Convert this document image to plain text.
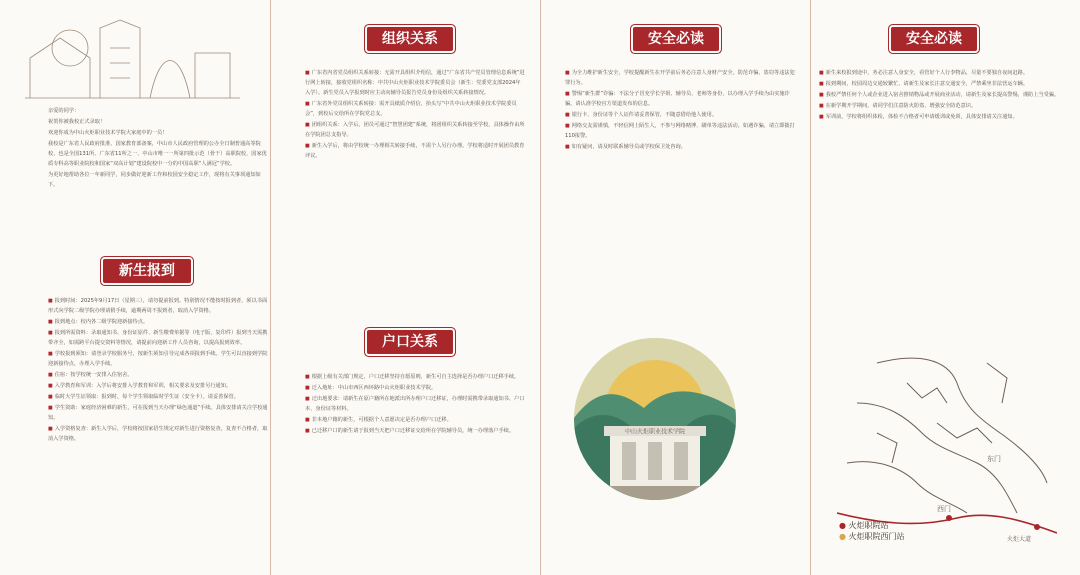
亲爱的同学：
祝贺你被我校正式录取！
欢迎你成为中山火炬职业技术学院大家庭中的一员！
我校是广东省人民政府批准、国家教育部备案，中山市人民政府管理的公办全日制普通高等院校，也是全国131所、广东省11所之一、中山市唯一一所第四批示范（骨干）高职院校，国家优质专科高等职业院校和国家“双高计划”建设院校中一分的中国高职“人满冠”学校。
为更好地帮助各位一年新同学，同步做好迎新工作和校园安全稳定工作，现将有关事项通知如下。
新生报到
■ 报到时间：2025年9月17日（星期三），请勿提前报到。特别情况不能按时报到者，须以书面形式向学院二级学院办理请假手续，逾期两周不报到者，取消入学资格。
■ 报到地点：校内各二级学院迎新接待点。
■ 报到所需资料：录取通知书、身份证原件、新生缴费单据等（电子版，复印件）报到当天需携带齐全，如需跨平台提交资料等情况，请提前向迎新工作人员咨询，以提高报到效率。
■ 学校报到须知：请登录学校服务号，按新生须知引导完成各项报到手续。学生可以直接到学院迎新接待点，办理入学手续。
■ 住宿：按学校统一安排入住宿舍。
■ 入学教育和军训：入学后将安排入学教育和军训，相关要求及安排另行通知。
■ 临时大学生证领取：报到时，每个学生领取临时学生证（安全卡）。请妥善保管。
■ 学生资助：家庭经济困难的新生，可在报到当天办理“绿色通道”手续。具体安排请关注学校通知。
■ 入学资格复查：新生入学后，学校将按国家招生规定对新生进行资格复查，复查不合格者，取消入学资格。
组织关系
■ 广东省内省党员组织关系转接：无需开具组织介绍信，通过“广东省共产党员管理信息系统”进行网上转接，接收党组织名称：中共中山火炬职业技术学院委员会（新生：党委党支部2024年入学）。新生党员入学报到时应主动向辅导员报告党员身份及组织关系转接情况。
■ 广东省外党员组织关系转接：需开具纸质介绍信，抬头写“中共中山火炬职业技术学院委员会”，到校后交给所在学院党总支。
■ 团组织关系：入学后，团员可通过“智慧团建”系统，将团组织关系转接至学校，具体操作由所在学院团总支指导。
■ 新生入学后，将由学校统一办理相关转接手续，不需个人另行办理。学校将适时开展团员教育评议。
户口关系
■ 根据上级有关部门规定，户口迁移坚持自愿原则，新生可自主选择是否办理户口迁移手续。
■ 迁入地址：中山市西区西环路中山火炬职业技术学院。
■ 迁出地要求：请新生在原户籍所在地派出所办理户口迁移证，办理时需携带录取通知书、户口本、身份证等材料。
■ 非本地户籍的新生，可根据个人意愿决定是否办理户口迁移。
■ 已迁移户口的新生请于报到当天把户口迁移证交给所在学院辅导员，统一办理落户手续。
安全必读
■ 为全力维护新生安全，学校提醒新生在开学前后务必注意人身财产安全，防范诈骗、盗窃等违法犯罪行为。
■ 警惕“新生群”诈骗：不法分子冒充学长学姐、辅导员、老师等身份，以办理入学手续为由实施诈骗。请认准学校官方渠道发布的信息。
■ 银行卡、身份证等个人证件请妥善保管，不随意借给他人使用。
■ 网络交友需谨慎，不轻信网上陌生人，不参与网络赌博、刷单等违法活动。如遇诈骗，请立即拨打110报警。
■ 如有疑问，请及时联系辅导员或学校保卫处咨询。
中山火炬职业技术学院
安全必读
■ 新生来校报到途中，务必注意人身安全，看管好个人行李物品，尽量不要独自夜间赶路。
■ 报到期间，校园周边交通较繁忙，请新生及家长注意交通安全，严禁乘坐非法营运车辆。
■ 我校严禁任何个人或企业进入宿舍推销物品或开展商业活动，请新生及家长提高警惕，谨防上当受骗。
■ 在新学期开学期间，请同学们注意防火防盗，增强安全防范意识。
■ 军训前，学校将组织体检，体检不合格者可申请缓训或免训，具体安排请关注通知。
东门
西门
火炬大道
● 火炬职院站
● 火炬职院西门站
